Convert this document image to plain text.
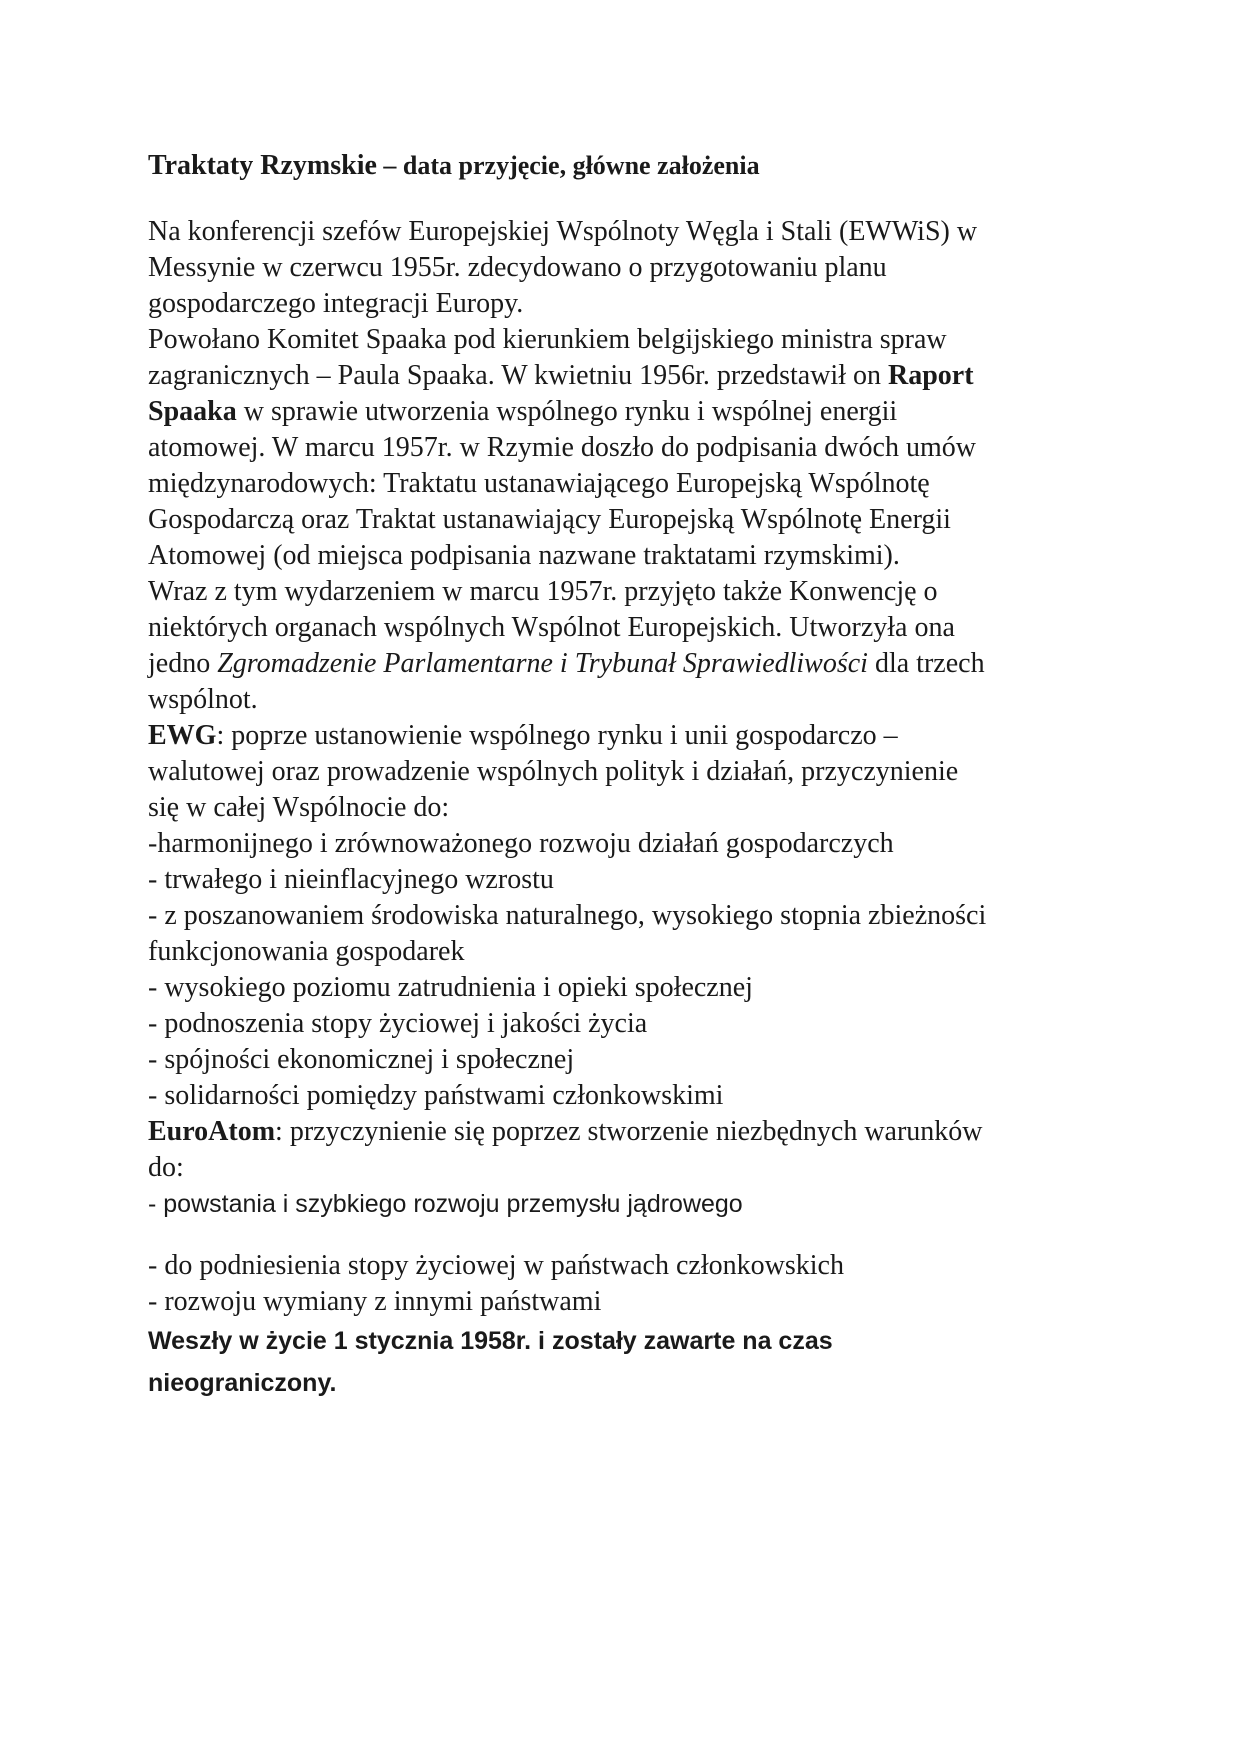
Traktaty Rzymskie – data przyjęcie, główne założenia
Na konferencji szefów Europejskiej Wspólnoty Węgla i Stali (EWWiS) w
Messynie w czerwcu 1955r. zdecydowano o przygotowaniu planu
gospodarczego integracji Europy.
Powołano Komitet Spaaka pod kierunkiem belgijskiego ministra spraw
zagranicznych – Paula Spaaka. W kwietniu 1956r. przedstawił on Raport
Spaaka w sprawie utworzenia wspólnego rynku i wspólnej energii
atomowej. W marcu 1957r. w Rzymie doszło do podpisania dwóch umów
międzynarodowych: Traktatu ustanawiającego Europejską Wspólnotę
Gospodarczą oraz Traktat ustanawiający Europejską Wspólnotę Energii
Atomowej (od miejsca podpisania nazwane traktatami rzymskimi).
Wraz z tym wydarzeniem w marcu 1957r. przyjęto także Konwencję o
niektórych organach wspólnych Wspólnot Europejskich. Utworzyła ona
jedno Zgromadzenie Parlamentarne i Trybunał Sprawiedliwości dla trzech
wspólnot.
EWG: poprze ustanowienie wspólnego rynku i unii gospodarczo –
walutowej oraz prowadzenie wspólnych polityk i działań, przyczynienie
się w całej Wspólnocie do:
-harmonijnego i zrównoważonego rozwoju działań gospodarczych
- trwałego i nieinflacyjnego wzrostu
- z poszanowaniem środowiska naturalnego, wysokiego stopnia zbieżności
funkcjonowania gospodarek
- wysokiego poziomu zatrudnienia i opieki społecznej
- podnoszenia stopy życiowej i jakości życia
- spójności ekonomicznej i społecznej
- solidarności pomiędzy państwami członkowskimi
EuroAtom: przyczynienie się poprzez stworzenie niezbędnych warunków
do:
- powstania i szybkiego rozwoju przemysłu jądrowego
- do podniesienia stopy życiowej w państwach członkowskich
- rozwoju wymiany z innymi państwami
Weszły w życie 1 stycznia 1958r. i zostały zawarte na czas
nieograniczony.
